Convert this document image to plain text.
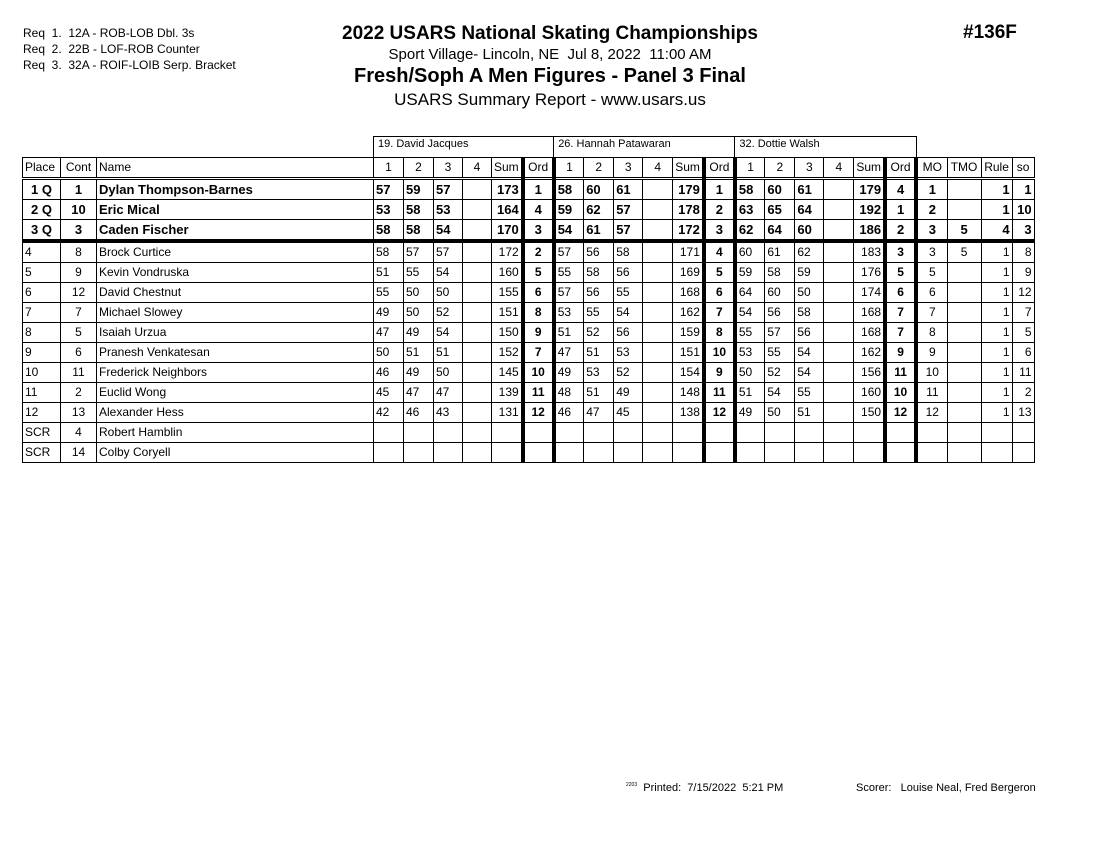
Req  1.  12A - ROB-LOB Dbl. 3s
Req  2.  22B - LOF-ROB Counter
Req  3.  32A - ROIF-LOIB Serp. Bracket
2022 USARS National Skating Championships
Sport Village- Lincoln, NE  Jul 8, 2022  11:00 AM
Fresh/Soph A Men Figures - Panel 3 Final
USARS Summary Report - www.usars.us
#136F
			19. David Jacques						26. Hannah Patawaran						32. Dottie Walsh									
Place	Cont	Name	1	2	3	4	Sum	Ord	1	2	3	4	Sum	Ord	1	2	3	4	Sum	Ord	MO	TMO	Rule	so
1 Q	1	Dylan Thompson-Barnes	57	59	57		173	1	58	60	61		179	1	58	60	61		179	4	1		1	1
2 Q	10	Eric Mical	53	58	53		164	4	59	62	57		178	2	63	65	64		192	1	2		1	10
3 Q	3	Caden Fischer	58	58	54		170	3	54	61	57		172	3	62	64	60		186	2	3	5	4	3
4	8	Brock Curtice	58	57	57		172	2	57	56	58		171	4	60	61	62		183	3	3	5	1	8
5	9	Kevin Vondruska	51	55	54		160	5	55	58	56		169	5	59	58	59		176	5	5		1	9
6	12	David Chestnut	55	50	50		155	6	57	56	55		168	6	64	60	50		174	6	6		1	12
7	7	Michael Slowey	49	50	52		151	8	53	55	54		162	7	54	56	58		168	7	7		1	7
8	5	Isaiah Urzua	47	49	54		150	9	51	52	56		159	8	55	57	56		168	7	8		1	5
9	6	Pranesh Venkatesan	50	51	51		152	7	47	51	53		151	10	53	55	54		162	9	9		1	6
10	11	Frederick Neighbors	46	49	50		145	10	49	53	52		154	9	50	52	54		156	11	10		1	11
11	2	Euclid Wong	45	47	47		139	11	48	51	49		148	11	51	54	55		160	10	11		1	2
12	13	Alexander Hess	42	46	43		131	12	46	47	45		138	12	49	50	51		150	12	12		1	13
SCR	4	Robert Hamblin																						
SCR	14	Colby Coryell																						
$^{2203}$ Printed:  7/15/2022  5:21 PM	Scorer:   Louise Neal, Fred Bergeron
